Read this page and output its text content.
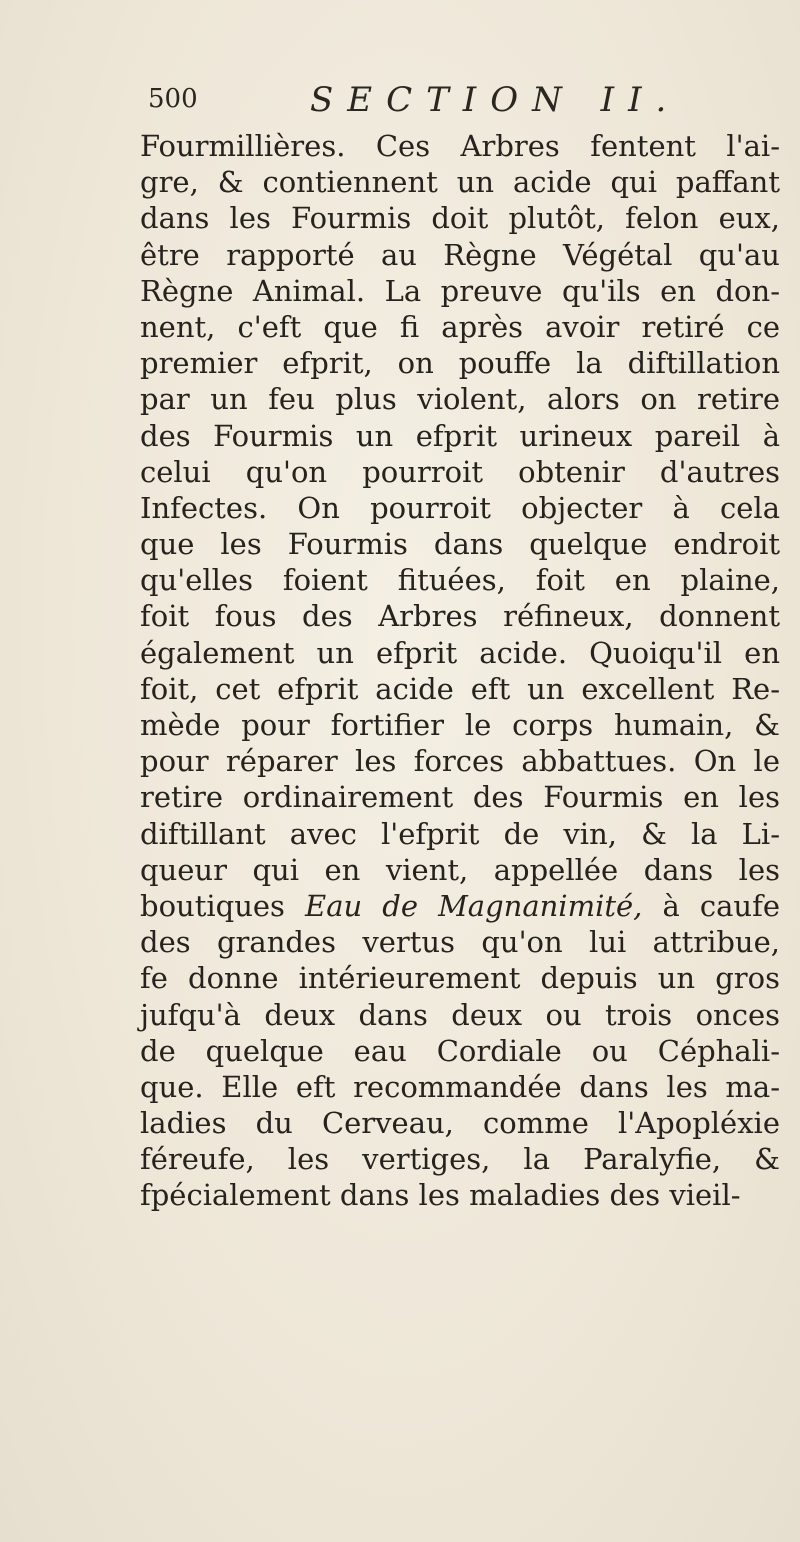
500	SECTION II.
Fourmillières. Ces Arbres fentent l'ai-
gre, & contiennent un acide qui paffant
dans les Fourmis doit plutôt, felon eux,
être rapporté au Règne Végétal qu'au
Règne Animal. La preuve qu'ils en don-
nent, c'eft que fi après avoir retiré ce
premier efprit, on pouffe la diftillation
par un feu plus violent, alors on retire
des Fourmis un efprit urineux pareil à
celui qu'on pourroit obtenir d'autres
Infectes. On pourroit objecter à cela
que les Fourmis dans quelque endroit
qu'elles foient fituées, foit en plaine,
foit fous des Arbres réfineux, donnent
également un efprit acide. Quoiqu'il en
foit, cet efprit acide eft un excellent Re-
mède pour fortifier le corps humain, &
pour réparer les forces abbattues. On le
retire ordinairement des Fourmis en les
diftillant avec l'efprit de vin, & la Li-
queur qui en vient, appellée dans les
boutiques Eau de Magnanimité, à caufe
des grandes vertus qu'on lui attribue,
fe donne intérieurement depuis un gros
jufqu'à deux dans deux ou trois onces
de quelque eau Cordiale ou Céphali-
que. Elle eft recommandée dans les ma-
ladies du Cerveau, comme l'Apopléxie
féreufe, les vertiges, la Paralyfie, &
fpécialement dans les maladies des vieil-
